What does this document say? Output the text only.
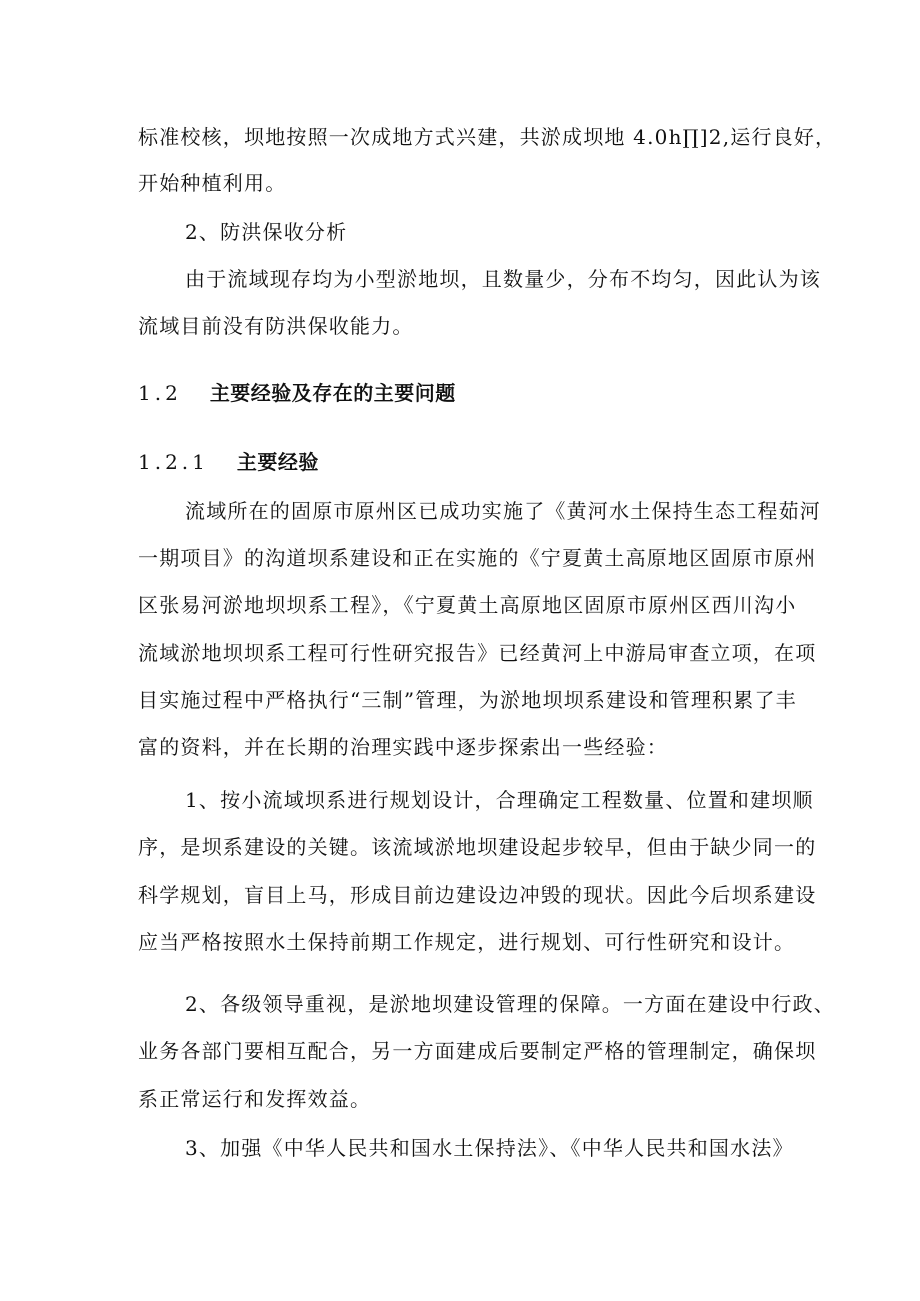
标准校核，坝地按照一次成地方式兴建，共淤成坝地 4.0h∏]2,运行良好，
开始种植利用。
2、防洪保收分析
由于流域现存均为小型淤地坝，且数量少，分布不均匀，因此认为该
流域目前没有防洪保收能力。
1.2 主要经验及存在的主要问题
1.2.1 主要经验
流域所在的固原市原州区已成功实施了《黄河水土保持生态工程茹河
一期项目》的沟道坝系建设和正在实施的《宁夏黄土高原地区固原市原州
区张易河淤地坝坝系工程》，《宁夏黄土高原地区固原市原州区西川沟小
流域淤地坝坝系工程可行性研究报告》已经黄河上中游局审查立项，在项
目实施过程中严格执行“三制”管理，为淤地坝坝系建设和管理积累了丰
富的资料，并在长期的治理实践中逐步探索出一些经验：
1、按小流域坝系进行规划设计，合理确定工程数量、位置和建坝顺
序，是坝系建设的关键。该流域淤地坝建设起步较早，但由于缺少同一的
科学规划，盲目上马，形成目前边建设边冲毁的现状。因此今后坝系建设
应当严格按照水土保持前期工作规定，进行规划、可行性研究和设计。
2、各级领导重视，是淤地坝建设管理的保障。一方面在建设中行政、
业务各部门要相互配合，另一方面建成后要制定严格的管理制定，确保坝
系正常运行和发挥效益。
3、加强《中华人民共和国水土保持法》、《中华人民共和国水法》
